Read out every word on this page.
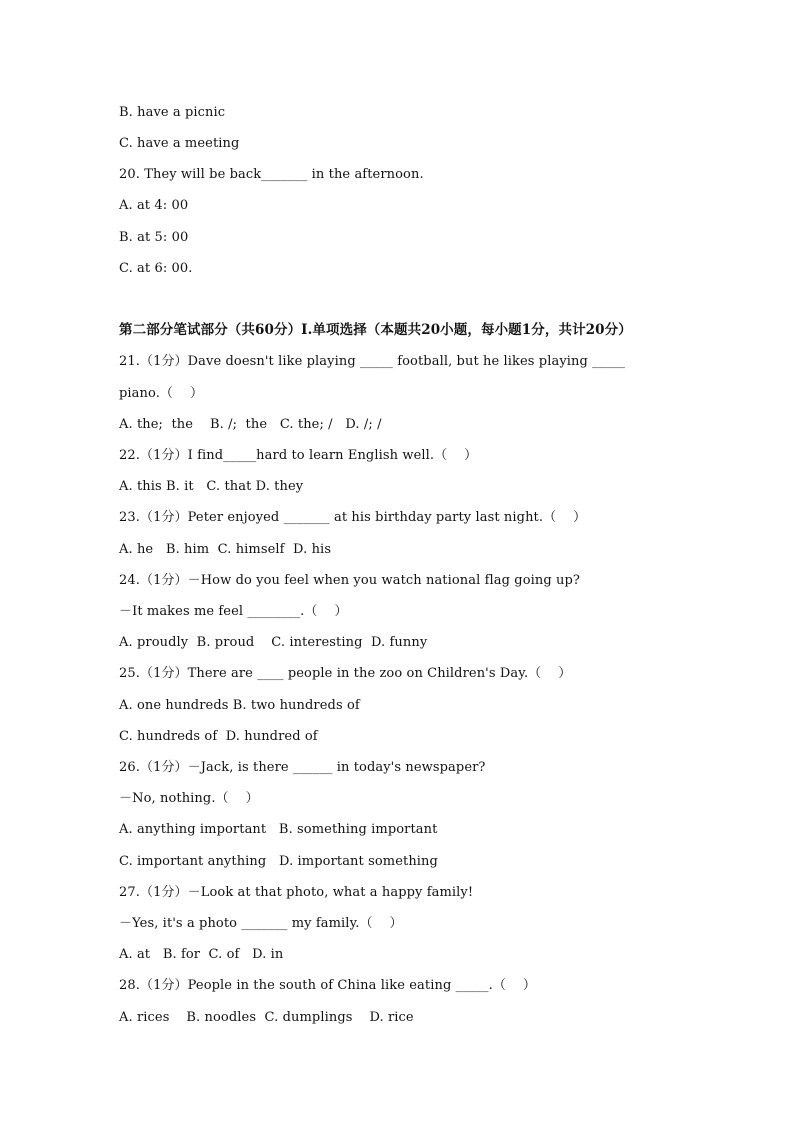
B. have a picnic
C. have a meeting
20. They will be back_______ in the afternoon.
A. at 4: 00
B. at 5: 00
C. at 6: 00.
第二部分笔试部分（共60分）I.单项选择（本题共20小题，每小题1分，共计20分）
21.（1分）Dave doesn't like playing _____ football, but he likes playing _____
piano.（    ）
A. the;  the    B. /;  the   C. the; /   D. /; /
22.（1分）I find_____hard to learn English well.（    ）
A. this B. it   C. that D. they
23.（1分）Peter enjoyed _______ at his birthday party last night.（    ）
A. he   B. him  C. himself  D. his
24.（1分）－How do you feel when you watch national flag going up?
－It makes me feel ________.（    ）
A. proudly  B. proud    C. interesting  D. funny
25.（1分）There are ____ people in the zoo on Children's Day.（    ）
A. one hundreds B. two hundreds of
C. hundreds of  D. hundred of
26.（1分）－Jack, is there ______ in today's newspaper?
－No, nothing.（    ）
A. anything important   B. something important
C. important anything   D. important something
27.（1分）－Look at that photo, what a happy family!
－Yes, it's a photo _______ my family.（    ）
A. at   B. for  C. of   D. in
28.（1分）People in the south of China like eating _____.（    ）
A. rices    B. noodles  C. dumplings    D. rice
